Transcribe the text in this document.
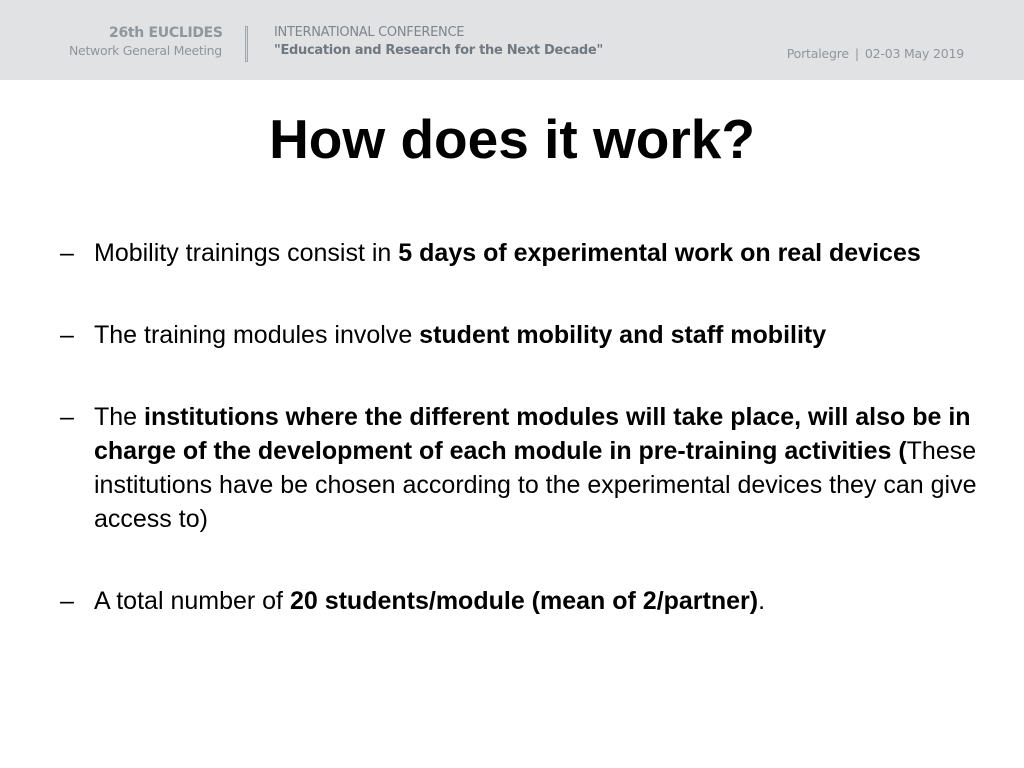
26th EUCLIDES
Network General Meeting
INTERNATIONAL CONFERENCE
"Education and Research for the Next Decade"	Portalegre | 02-03 May 2019
How does it work?
– Mobility trainings consist in 5 days of experimental work on real devices
– The training modules involve student mobility and staff mobility
– The institutions where the different modules will take place, will also be in charge of the development of each module in pre-training activities (These institutions have be chosen according to the experimental devices they can give access to)
– A total number of 20 students/module (mean of 2/partner).
